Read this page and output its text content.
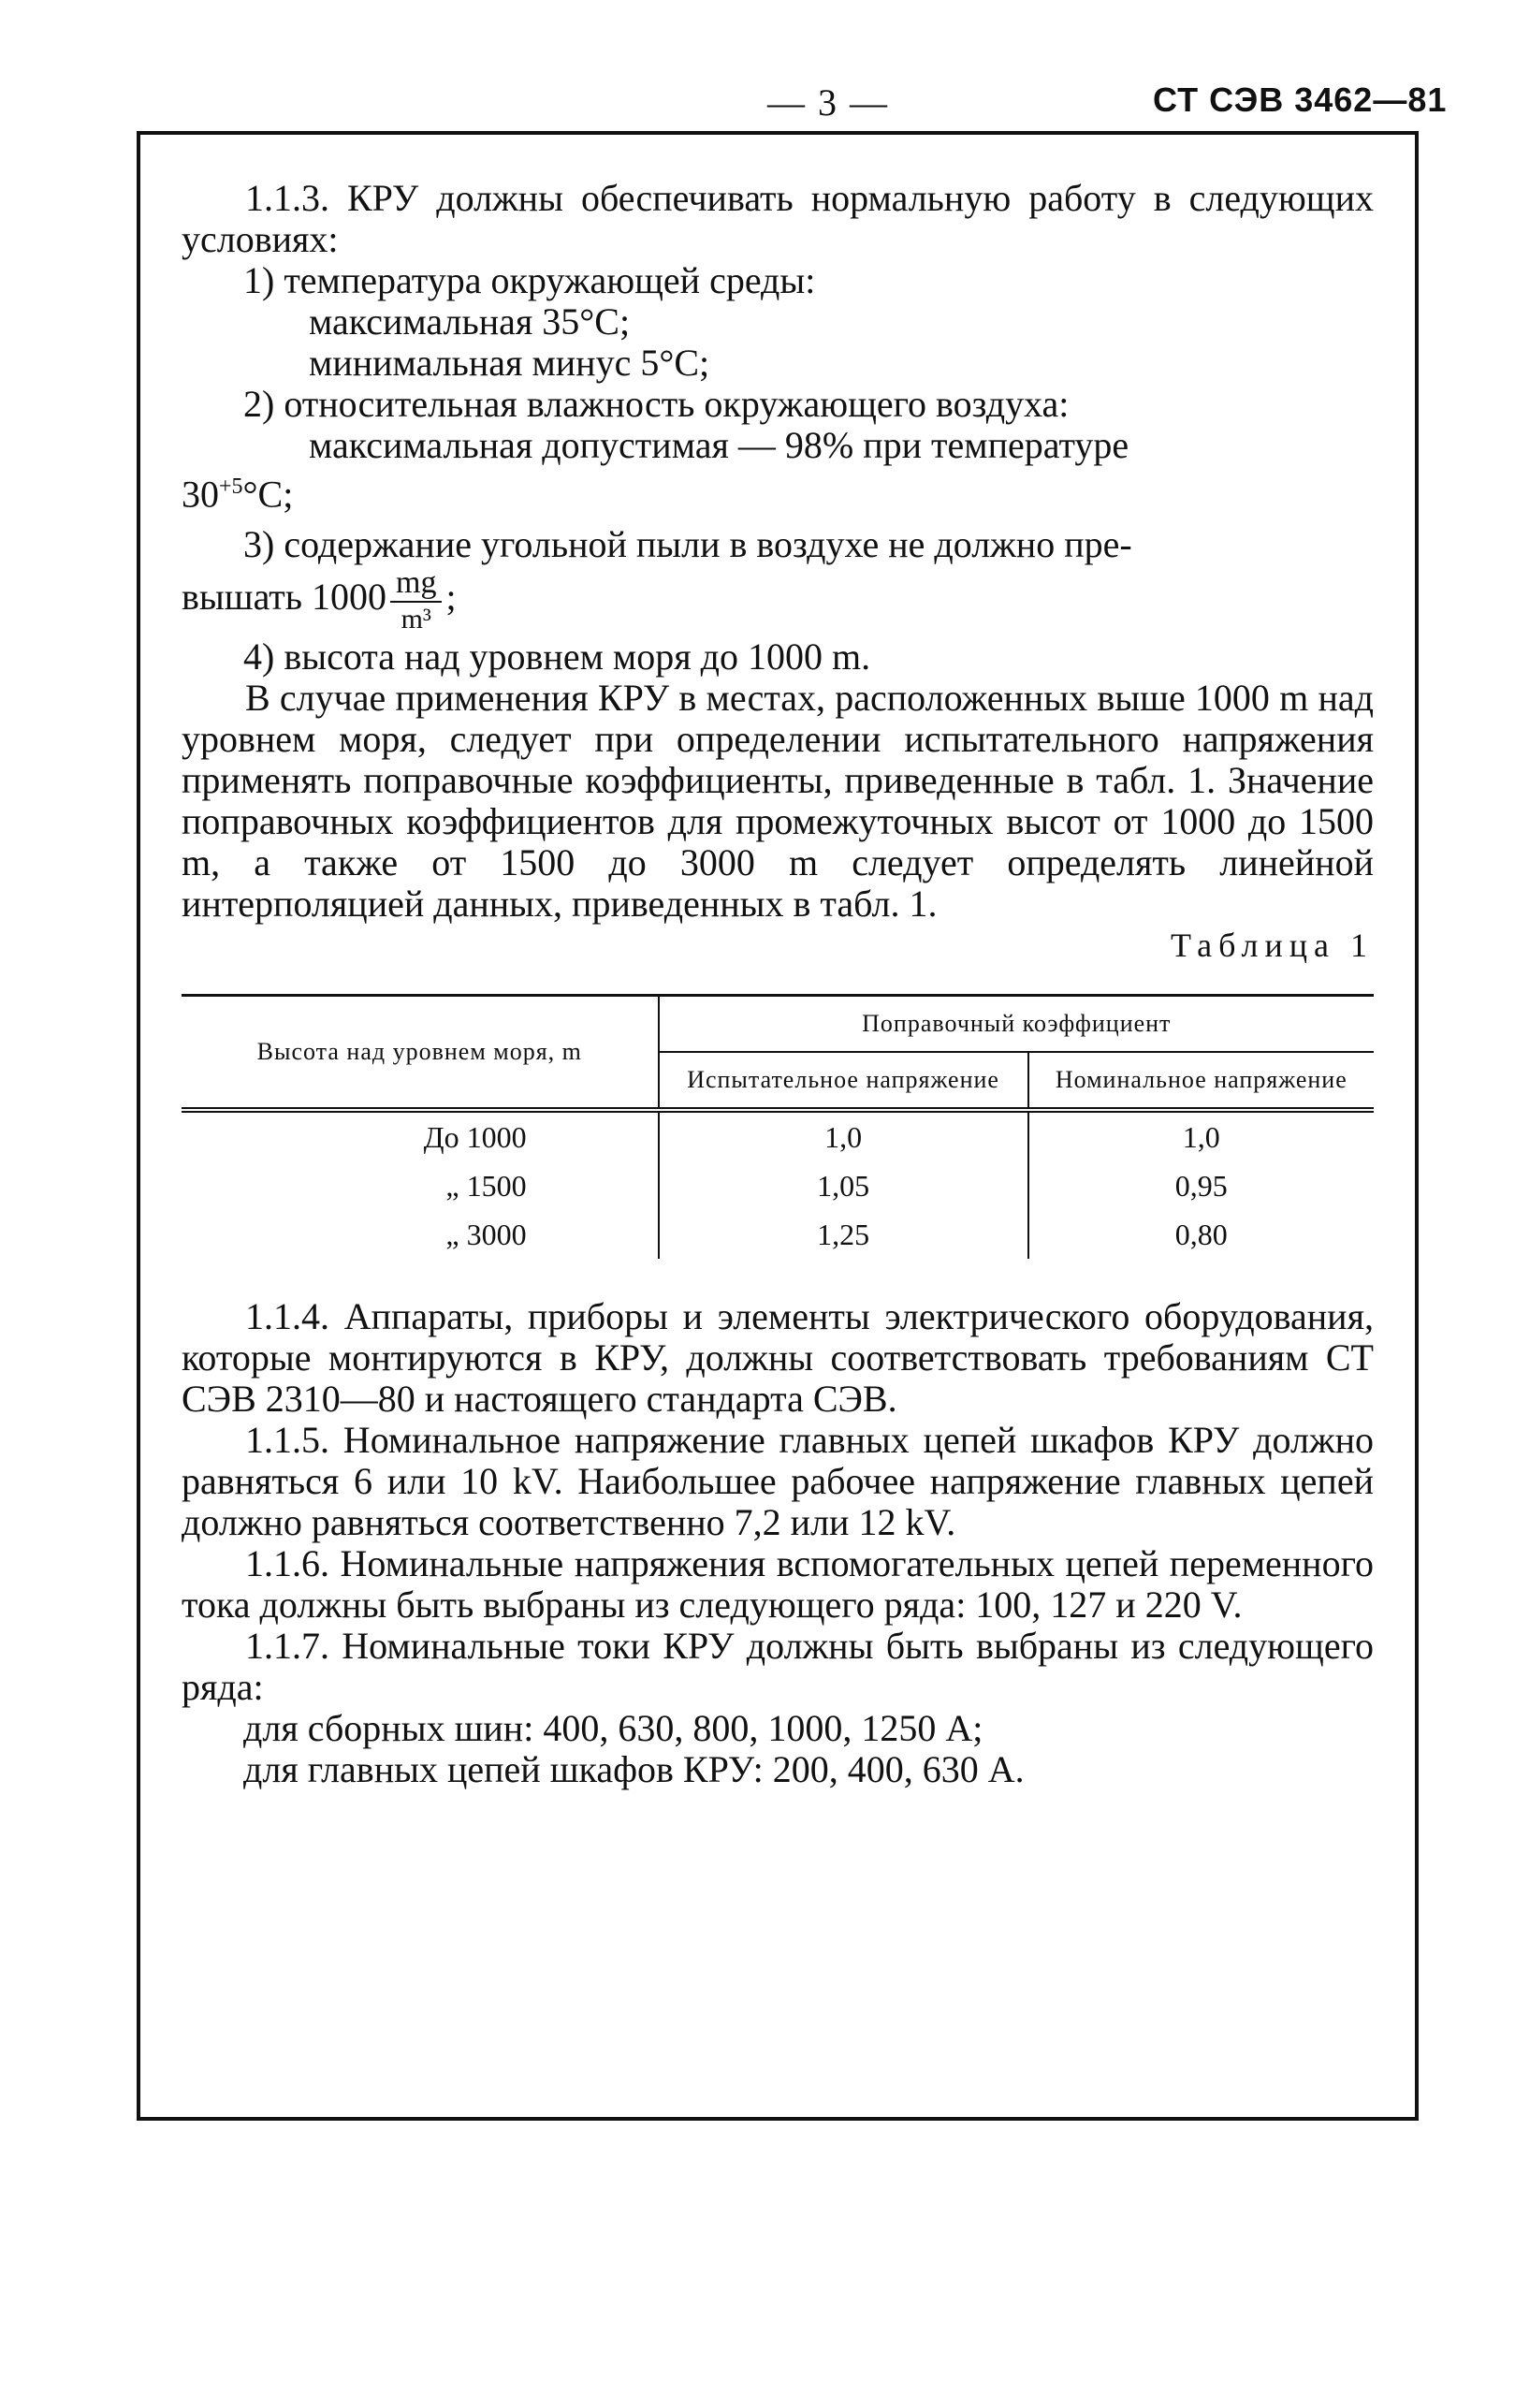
— 3 —	СТ СЭВ 3462—81

1.1.3. КРУ должны обеспечивать нормальную работу в следующих условиях:

1) температура окружающей среды:

максимальная 35°С;

минимальная минус 5°С;

2) относительная влажность окружающего воздуха:

максимальная допустимая — 98% при температуре

$30^{+5}^\circ С$;

3) содержание угольной пыли в воздухе не должно пре-

вышать $1000 \frac{mg}{\text{m³}}$ ;

4) высота над уровнем моря до 1000 m.

В случае применения КРУ в местах, расположенных выше 1000 m над уровнем моря, следует при определении испытательного напряжения применять поправочные коэффициенты, приведенные в табл. 1. Значение поправочных коэффициентов для промежуточных высот от 1000 до 1500 m, а также от 1500 до 3000 m следует определять линейной интерполяцией данных, приведенных в табл. 1.

Таблица 1

Высота над уровнем моря, m	Поправочный коэффициент	
	Испытательное напряжение	Номинальное напряжение
До 1000	1,0	1,0
„ 1500	1,05	0,95
„ 3000	1,25	0,80

1.1.4. Аппараты, приборы и элементы электрического оборудования, которые монтируются в КРУ, должны соответствовать требованиям СТ СЭВ 2310—80 и настоящего стандарта СЭВ.

1.1.5. Номинальное напряжение главных цепей шкафов КРУ должно равняться 6 или 10 kV. Наибольшее рабочее напряжение главных цепей должно равняться соответственно 7,2 или 12 kV.

1.1.6. Номинальные напряжения вспомогательных цепей переменного тока должны быть выбраны из следующего ряда: 100, 127 и 220 V.

1.1.7. Номинальные токи КРУ должны быть выбраны из следующего ряда:

для сборных шин: 400, 630, 800, 1000, 1250 А;

для главных цепей шкафов КРУ: 200, 400, 630 А.
